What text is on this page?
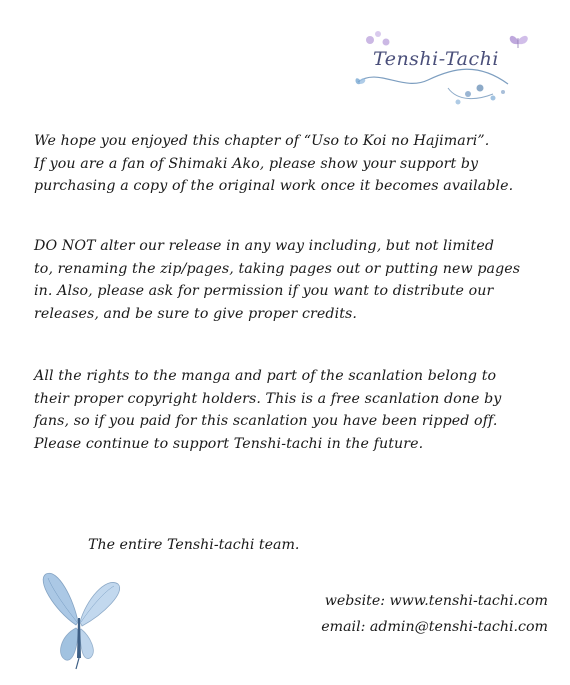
Tenshi-Tachi
We hope you enjoyed this chapter of “Uso to Koi no Hajimari”.
If you are a fan of Shimaki Ako, please show your support by
purchasing a copy of the original work once it becomes available.
DO NOT alter our release in any way including, but not limited
to, renaming the zip/pages, taking pages out or putting new pages
in. Also, please ask for permission if you want to distribute our
releases, and be sure to give proper credits.
All the rights to the manga and part of the scanlation belong to
their proper copyright holders. This is a free scanlation done by
fans, so if you paid for this scanlation you have been ripped off.
Please continue to support Tenshi-tachi in the future.
The entire Tenshi-tachi team.
website: www.tenshi-tachi.com
email: admin@tenshi-tachi.com
